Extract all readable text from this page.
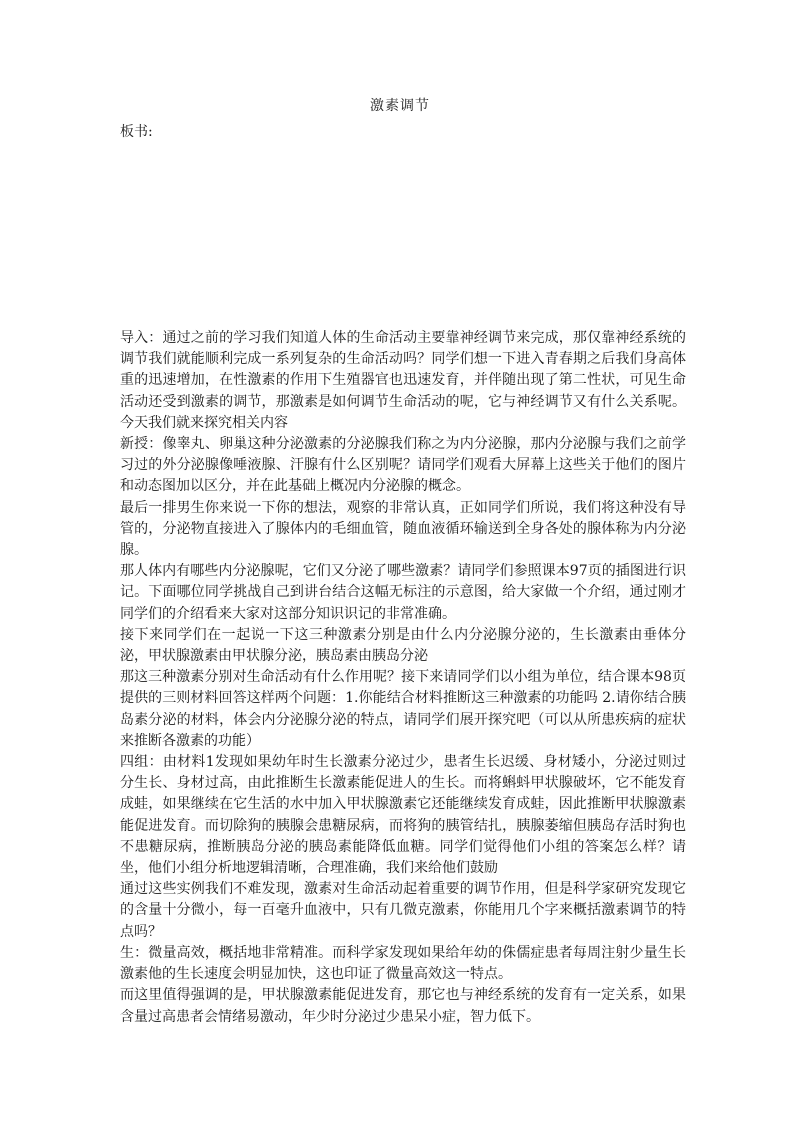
激素调节
板书:

导入：通过之前的学习我们知道人体的生命活动主要靠神经调节来完成，那仅靠神经系统的调节我们就能顺利完成一系列复杂的生命活动吗？同学们想一下进入青春期之后我们身高体重的迅速增加，在性激素的作用下生殖器官也迅速发育，并伴随出现了第二性状，可见生命活动还受到激素的调节，那激素是如何调节生命活动的呢，它与神经调节又有什么关系呢。今天我们就来探究相关内容

新授：像睾丸、卵巢这种分泌激素的分泌腺我们称之为内分泌腺，那内分泌腺与我们之前学习过的外分泌腺像唾液腺、汗腺有什么区别呢？请同学们观看大屏幕上这些关于他们的图片和动态图加以区分，并在此基础上概况内分泌腺的概念。

最后一排男生你来说一下你的想法，观察的非常认真，正如同学们所说，我们将这种没有导管的，分泌物直接进入了腺体内的毛细血管，随血液循环输送到全身各处的腺体称为内分泌腺。

那人体内有哪些内分泌腺呢，它们又分泌了哪些激素？请同学们参照课本97页的插图进行识记。下面哪位同学挑战自己到讲台结合这幅无标注的示意图，给大家做一个介绍，通过刚才同学们的介绍看来大家对这部分知识识记的非常准确。

接下来同学们在一起说一下这三种激素分别是由什么内分泌腺分泌的，生长激素由垂体分泌，甲状腺激素由甲状腺分泌，胰岛素由胰岛分泌

那这三种激素分别对生命活动有什么作用呢？接下来请同学们以小组为单位，结合课本98页提供的三则材料回答这样两个问题：1.你能结合材料推断这三种激素的功能吗 2.请你结合胰岛素分泌的材料，体会内分泌腺分泌的特点，请同学们展开探究吧（可以从所患疾病的症状来推断各激素的功能）

四组：由材料1发现如果幼年时生长激素分泌过少，患者生长迟缓、身材矮小，分泌过则过分生长、身材过高，由此推断生长激素能促进人的生长。而将蝌蚪甲状腺破坏，它不能发育成蛙，如果继续在它生活的水中加入甲状腺激素它还能继续发育成蛙，因此推断甲状腺激素能促进发育。而切除狗的胰腺会患糖尿病，而将狗的胰管结扎，胰腺萎缩但胰岛存活时狗也不患糖尿病，推断胰岛分泌的胰岛素能降低血糖。同学们觉得他们小组的答案怎么样？请坐，他们小组分析地逻辑清晰，合理准确，我们来给他们鼓励

通过这些实例我们不难发现，激素对生命活动起着重要的调节作用，但是科学家研究发现它的含量十分微小，每一百毫升血液中，只有几微克激素，你能用几个字来概括激素调节的特点吗？

生：微量高效，概括地非常精准。而科学家发现如果给年幼的侏儒症患者每周注射少量生长激素他的生长速度会明显加快，这也印证了微量高效这一特点。

而这里值得强调的是，甲状腺激素能促进发育，那它也与神经系统的发育有一定关系，如果含量过高患者会情绪易激动，年少时分泌过少患呆小症，智力低下。
